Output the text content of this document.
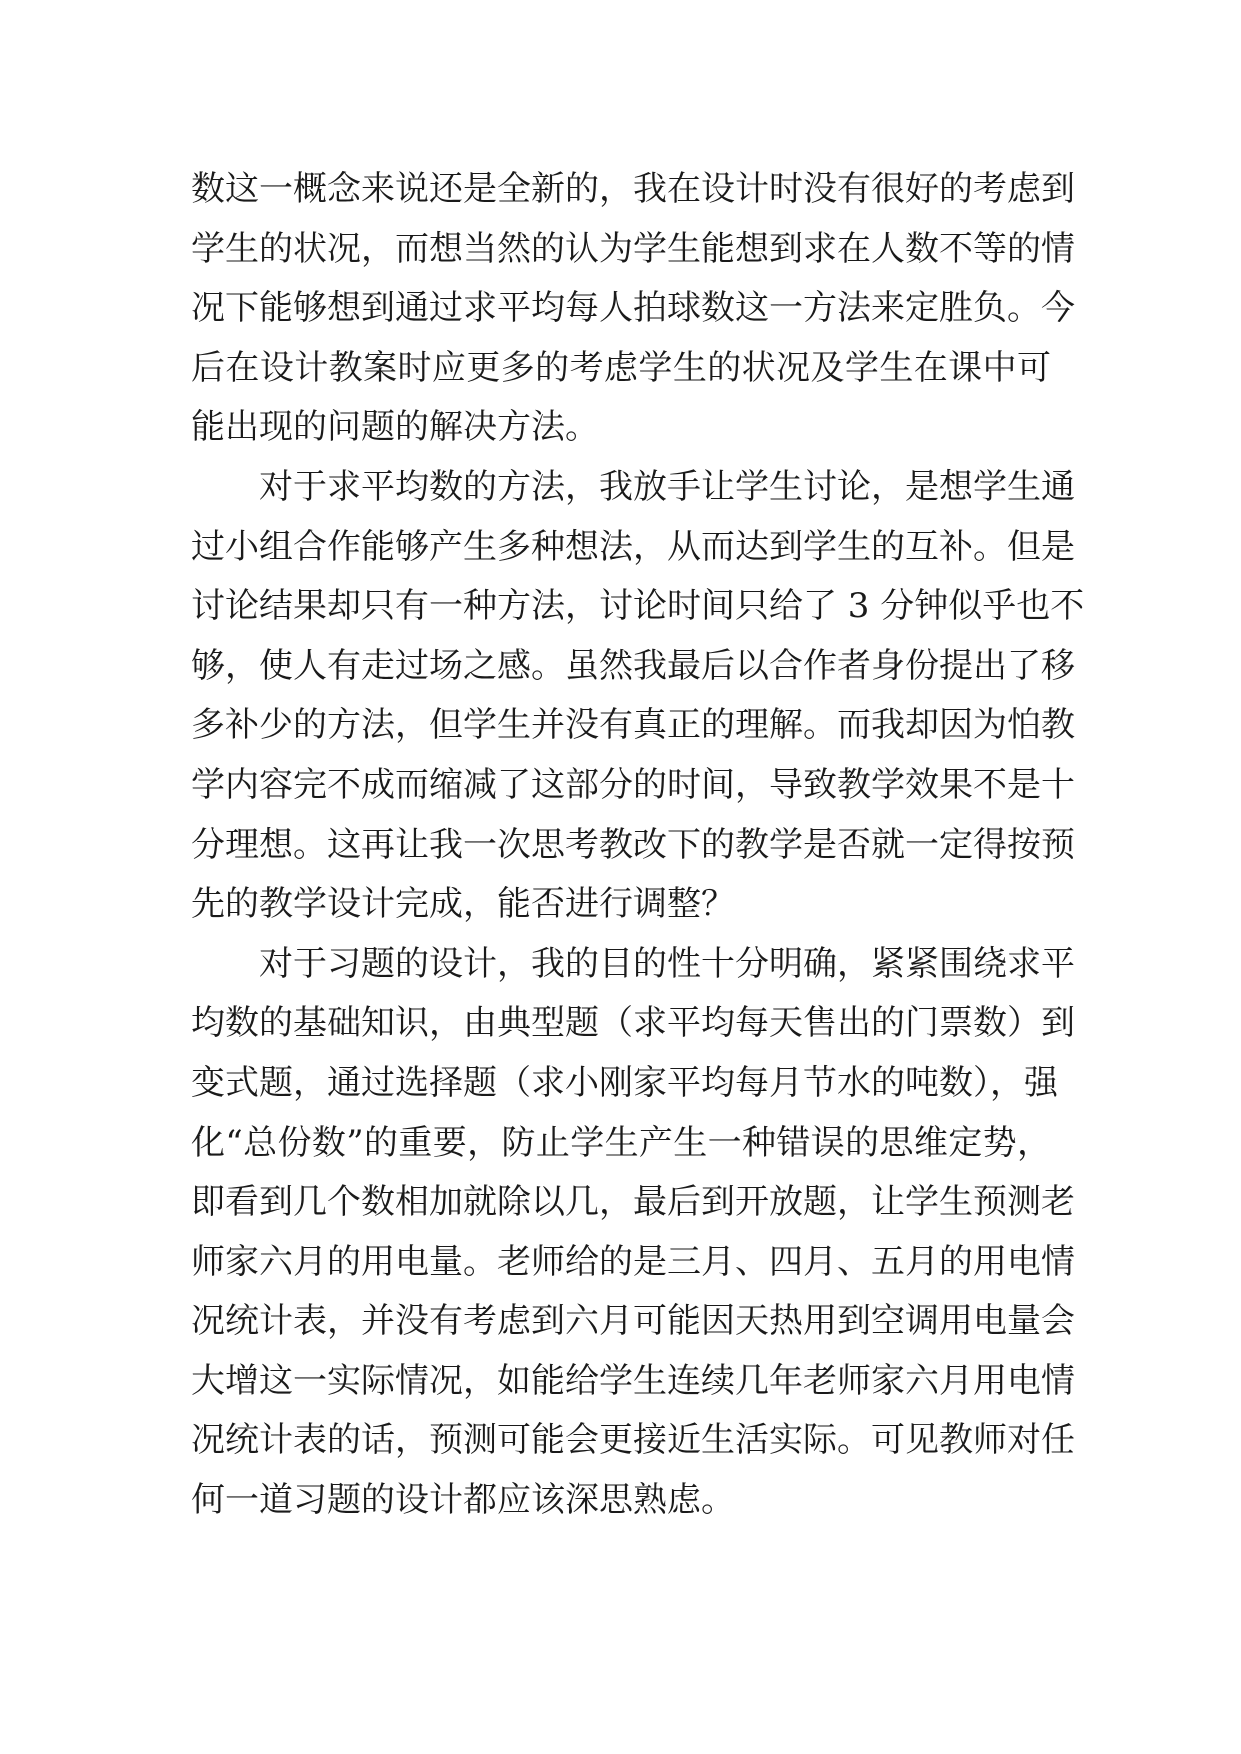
数这一概念来说还是全新的，我在设计时没有很好的考虑到
学生的状况，而想当然的认为学生能想到求在人数不等的情
况下能够想到通过求平均每人拍球数这一方法来定胜负。今
后在设计教案时应更多的考虑学生的状况及学生在课中可
能出现的问题的解决方法。
对于求平均数的方法，我放手让学生讨论，是想学生通
过小组合作能够产生多种想法，从而达到学生的互补。但是
讨论结果却只有一种方法，讨论时间只给了 3 分钟似乎也不
够，使人有走过场之感。虽然我最后以合作者身份提出了移
多补少的方法，但学生并没有真正的理解。而我却因为怕教
学内容完不成而缩减了这部分的时间，导致教学效果不是十
分理想。这再让我一次思考教改下的教学是否就一定得按预
先的教学设计完成，能否进行调整？
对于习题的设计，我的目的性十分明确，紧紧围绕求平
均数的基础知识，由典型题（求平均每天售出的门票数）到
变式题，通过选择题（求小刚家平均每月节水的吨数），强
化“总份数”的重要，防止学生产生一种错误的思维定势，
即看到几个数相加就除以几，最后到开放题，让学生预测老
师家六月的用电量。老师给的是三月、四月、五月的用电情
况统计表，并没有考虑到六月可能因天热用到空调用电量会
大增这一实际情况，如能给学生连续几年老师家六月用电情
况统计表的话，预测可能会更接近生活实际。可见教师对任
何一道习题的设计都应该深思熟虑。
